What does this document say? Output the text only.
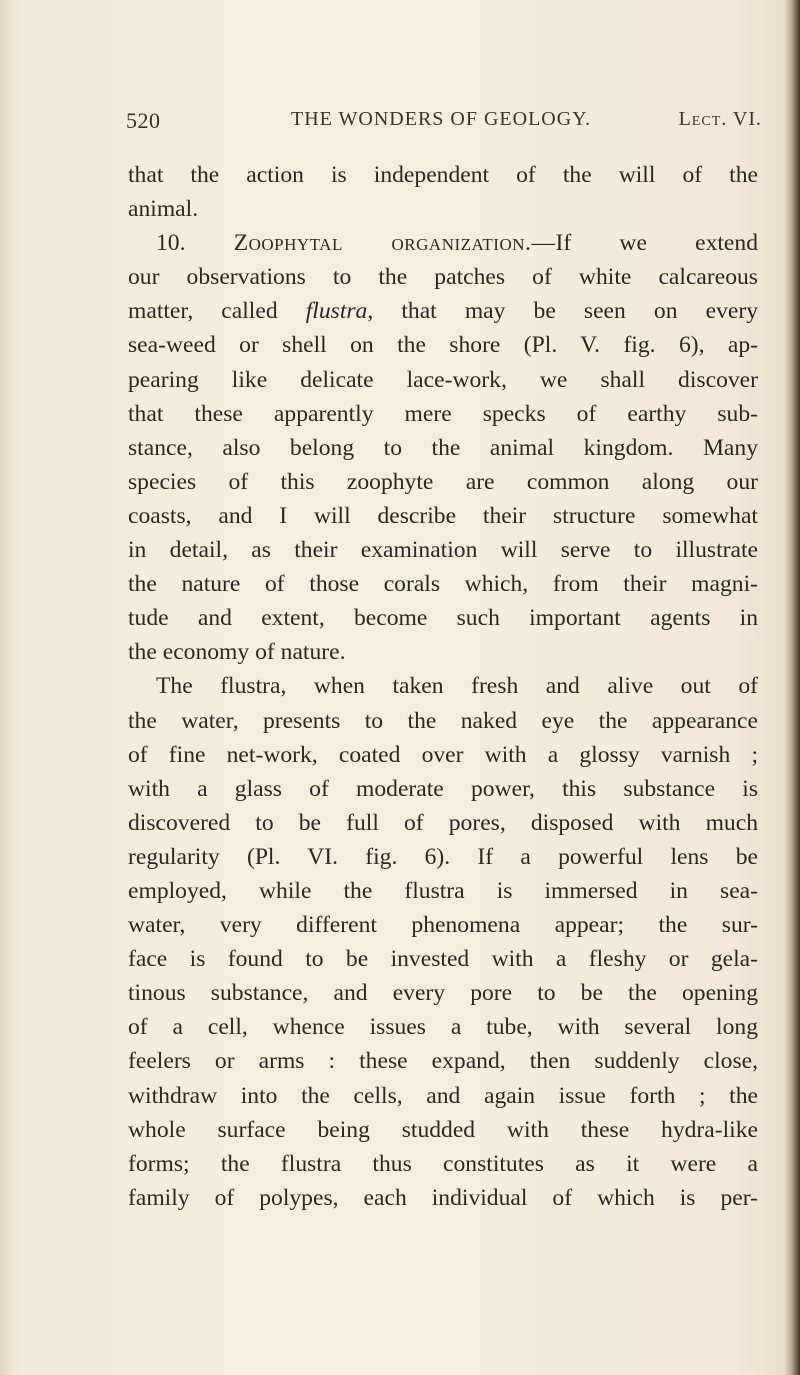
520	THE WONDERS OF GEOLOGY.	Lect. VI.
that the action is independent of the will of the
animal.
10. Zoophytal organization.—If we extend
our observations to the patches of white calcareous
matter, called flustra, that may be seen on every
sea-weed or shell on the shore (Pl. V. fig. 6), ap-
pearing like delicate lace-work, we shall discover
that these apparently mere specks of earthy sub-
stance, also belong to the animal kingdom. Many
species of this zoophyte are common along our
coasts, and I will describe their structure somewhat
in detail, as their examination will serve to illustrate
the nature of those corals which, from their magni-
tude and extent, become such important agents in
the economy of nature.
The flustra, when taken fresh and alive out of
the water, presents to the naked eye the appearance
of fine net-work, coated over with a glossy varnish ;
with a glass of moderate power, this substance is
discovered to be full of pores, disposed with much
regularity (Pl. VI. fig. 6). If a powerful lens be
employed, while the flustra is immersed in sea-
water, very different phenomena appear; the sur-
face is found to be invested with a fleshy or gela-
tinous substance, and every pore to be the opening
of a cell, whence issues a tube, with several long
feelers or arms : these expand, then suddenly close,
withdraw into the cells, and again issue forth ; the
whole surface being studded with these hydra-like
forms; the flustra thus constitutes as it were a
family of polypes, each individual of which is per-
